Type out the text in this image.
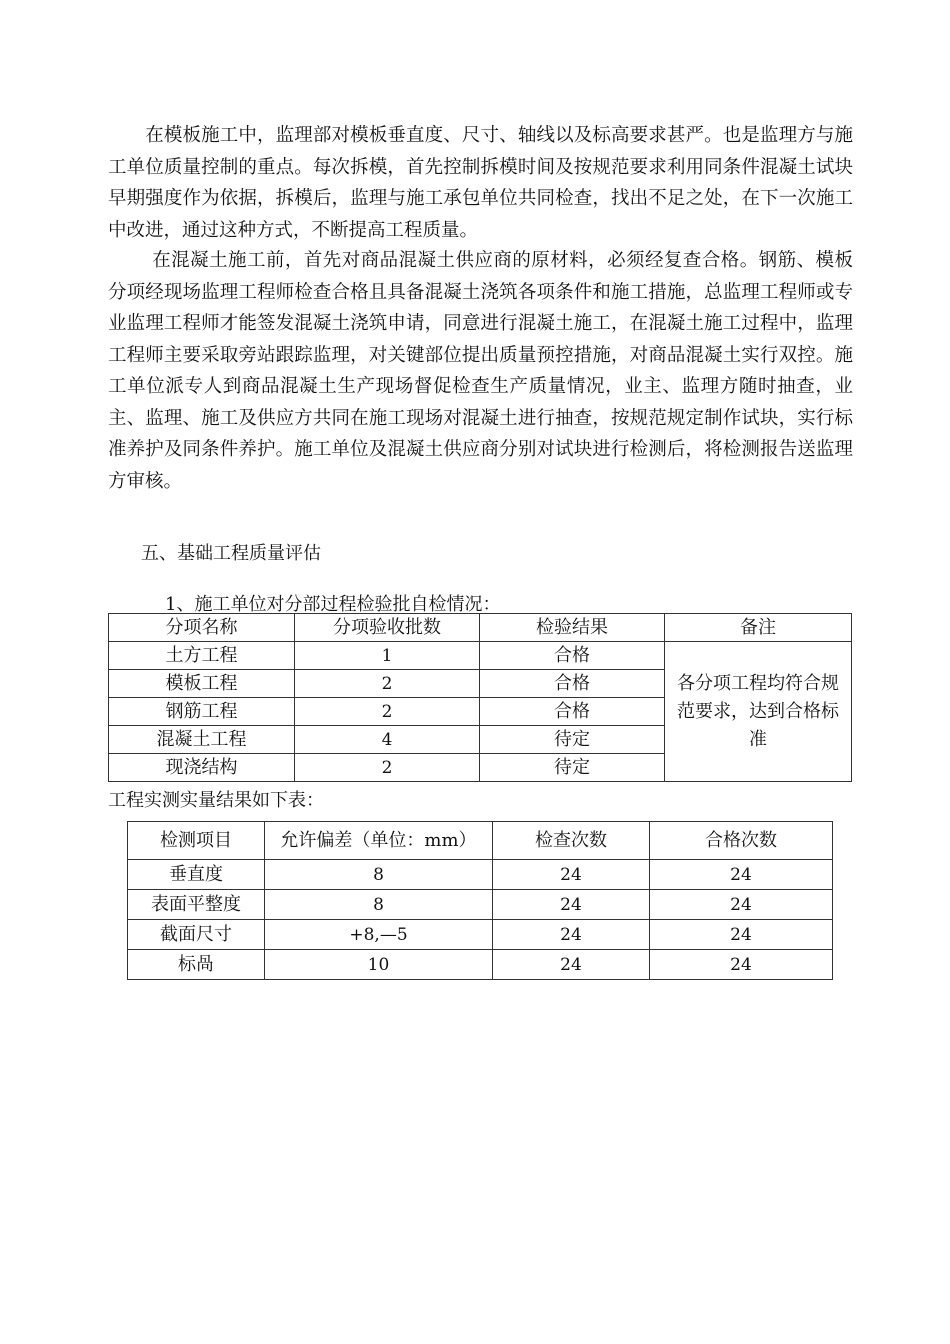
　　在模板施工中，监理部对模板垂直度、尺寸、轴线以及标高要求甚严。也是监理方与施工单位质量控制的重点。每次拆模，首先控制拆模时间及按规范要求利用同条件混凝土试块早期强度作为依据，拆模后，监理与施工承包单位共同检查，找出不足之处，在下一次施工中改进，通过这种方式，不断提高工程质量。

　　 在混凝土施工前，首先对商品混凝土供应商的原材料，必须经复查合格。钢筋、模板分项经现场监理工程师检查合格且具备混凝土浇筑各项条件和施工措施，总监理工程师或专业监理工程师才能签发混凝土浇筑申请，同意进行混凝土施工，在混凝土施工过程中，监理工程师主要采取旁站跟踪监理，对关键部位提出质量预控措施，对商品混凝土实行双控。施工单位派专人到商品混凝土生产现场督促检查生产质量情况，业主、监理方随时抽查，业主、监理、施工及供应方共同在施工现场对混凝土进行抽查，按规范规定制作试块，实行标准养护及同条件养护。施工单位及混凝土供应商分别对试块进行检测后，将检测报告送监理方审核。

五、基础工程质量评估

1、施工单位对分部过程检验批自检情况：

分项名称	分项验收批数	检验结果	备注
土方工程	1	合格	各分项工程均符合规范要求，达到合格标准
模板工程	2	合格	
钢筋工程	2	合格	
混凝土工程	4	待定	
现浇结构	2	待定	

工程实测实量结果如下表：

检测项目	允许偏差（单位：mm）	检查次数	合格次数
垂直度	8	24	24
表面平整度	8	24	24
截面尺寸	+8,—5	24	24
标咼	10	24	24
